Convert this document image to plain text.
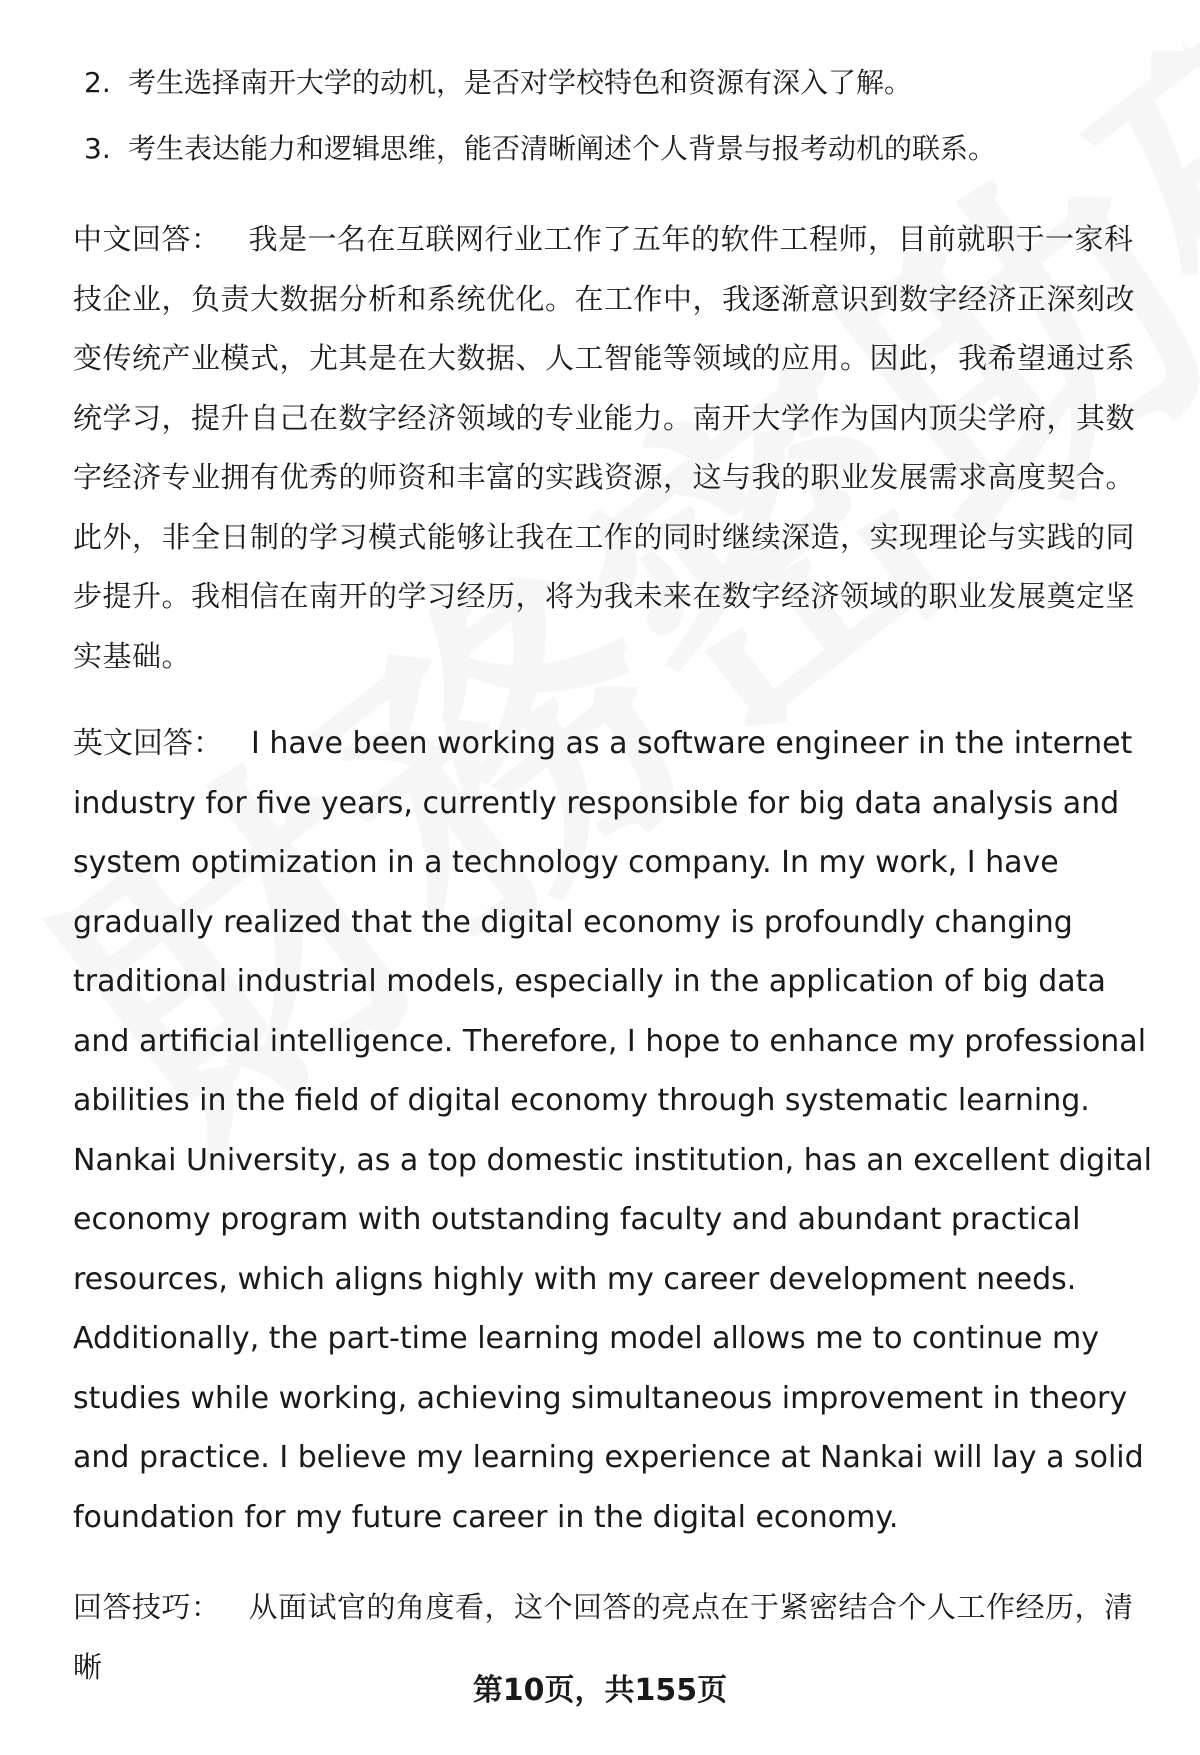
2. 考生选择南开大学的动机，是否对学校特色和资源有深入了解。
3. 考生表达能力和逻辑思维，能否清晰阐述个人背景与报考动机的联系。

中文回答： 我是一名在互联网行业工作了五年的软件工程师，目前就职于一家科技企业，负责大数据分析和系统优化。在工作中，我逐渐意识到数字经济正深刻改变传统产业模式，尤其是在大数据、人工智能等领域的应用。因此，我希望通过系统学习，提升自己在数字经济领域的专业能力。南开大学作为国内顶尖学府，其数字经济专业拥有优秀的师资和丰富的实践资源，这与我的职业发展需求高度契合。此外，非全日制的学习模式能够让我在工作的同时继续深造，实现理论与实践的同步提升。我相信在南开的学习经历，将为我未来在数字经济领域的职业发展奠定坚实基础。

英文回答： I have been working as a software engineer in the internet industry for five years, currently responsible for big data analysis and system optimization in a technology company. In my work, I have gradually realized that the digital economy is profoundly changing traditional industrial models, especially in the application of big data and artificial intelligence. Therefore, I hope to enhance my professional abilities in the field of digital economy through systematic learning. Nankai University, as a top domestic institution, has an excellent digital economy program with outstanding faculty and abundant practical resources, which aligns highly with my career development needs. Additionally, the part-time learning model allows me to continue my studies while working, achieving simultaneous improvement in theory and practice. I believe my learning experience at Nankai will lay a solid foundation for my future career in the digital economy.

回答技巧： 从面试官的角度看，这个回答的亮点在于紧密结合个人工作经历，清晰

第10页，共155页
